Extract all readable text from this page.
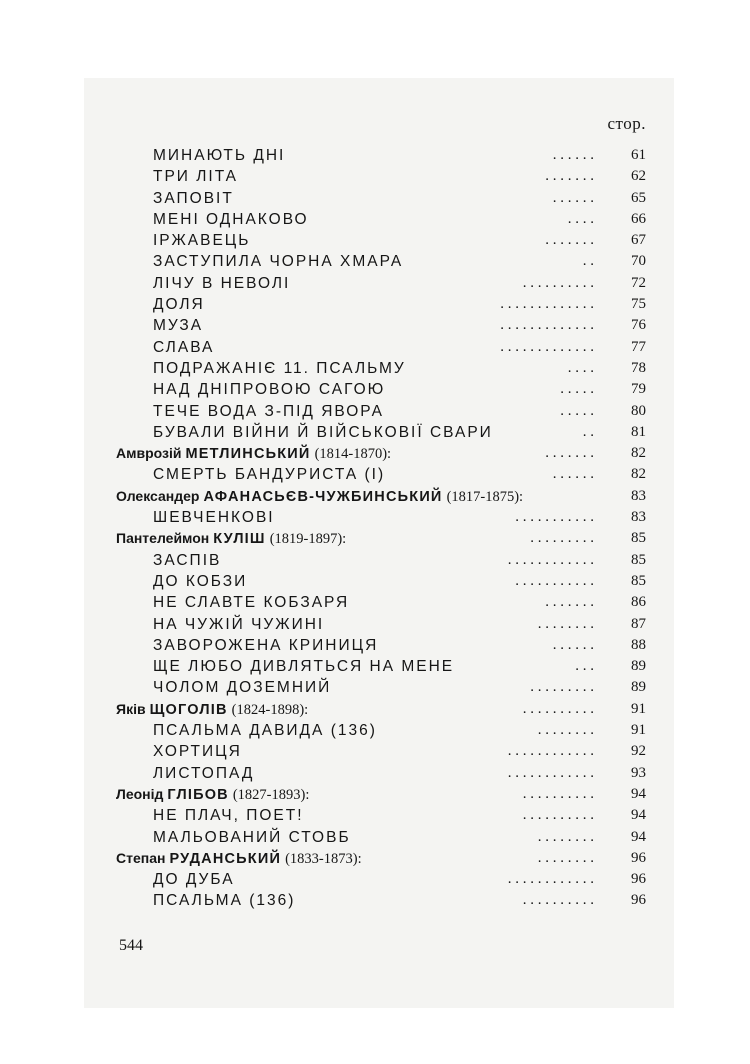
стор.
МИНАЮТЬ ДНІ	. . . . . .	61
ТРИ ЛІТА	. . . . . . .	62
ЗАПОВІТ	. . . . . .	65
МЕНІ ОДНАКОВО	. . . .	66
ІРЖАВЕЦЬ	. . . . . . .	67
ЗАСТУПИЛА ЧОРНА ХМАРА	. .	70
ЛІЧУ В НЕВОЛІ	. . . . . . . . . .	72
ДОЛЯ	. . . . . . . . . . . . .	75
МУЗА	. . . . . . . . . . . . .	76
СЛАВА	. . . . . . . . . . . . .	77
ПОДРАЖАНІЄ 11. ПСАЛЬМУ	. . . .	78
НАД ДНІПРОВОЮ САГОЮ	. . . . .	79
ТЕЧЕ ВОДА З-ПІД ЯВОРА	. . . . .	80
БУВАЛИ ВІЙНИ Й ВІЙСЬКОВІЇ СВАРИ	. .	81
Амврозій МЕТЛИНСЬКИЙ (1814-1870):	. . . . . . .	82
СМЕРТЬ БАНДУРИСТА (І)	. . . . . .	82
Олександер АФАНАСЬЄВ-ЧУЖБИНСЬКИЙ (1817-1875):	83
ШЕВЧЕНКОВІ	. . . . . . . . . . .	83
Пантелеймон КУЛІШ (1819-1897):	. . . . . . . . .	85
ЗАСПІВ	. . . . . . . . . . . .	85
ДО КОБЗИ	. . . . . . . . . . .	85
НЕ СЛАВТЕ КОБЗАРЯ	. . . . . . .	86
НА ЧУЖІЙ ЧУЖИНІ	. . . . . . . .	87
ЗАВОРОЖЕНА КРИНИЦЯ	. . . . . .	88
ЩЕ ЛЮБО ДИВЛЯТЬСЯ НА МЕНЕ	. . .	89
ЧОЛОМ ДОЗЕМНИЙ	. . . . . . . . .	89
Яків ЩОГОЛІВ (1824-1898):	. . . . . . . . . .	91
ПСАЛЬМА ДАВИДА (136)	. . . . . . . .	91
ХОРТИЦЯ	. . . . . . . . . . . .	92
ЛИСТОПАД	. . . . . . . . . . . .	93
Леонід ГЛІБОВ (1827-1893):	. . . . . . . . . .	94
НЕ ПЛАЧ, ПОЕТ!	. . . . . . . . . .	94
МАЛЬОВАНИЙ СТОВБ	. . . . . . . .	94
Степан РУДАНСЬКИЙ (1833-1873):	. . . . . . . .	96
ДО ДУБА	. . . . . . . . . . . .	96
ПСАЛЬМА (136)	. . . . . . . . . .	96
544
